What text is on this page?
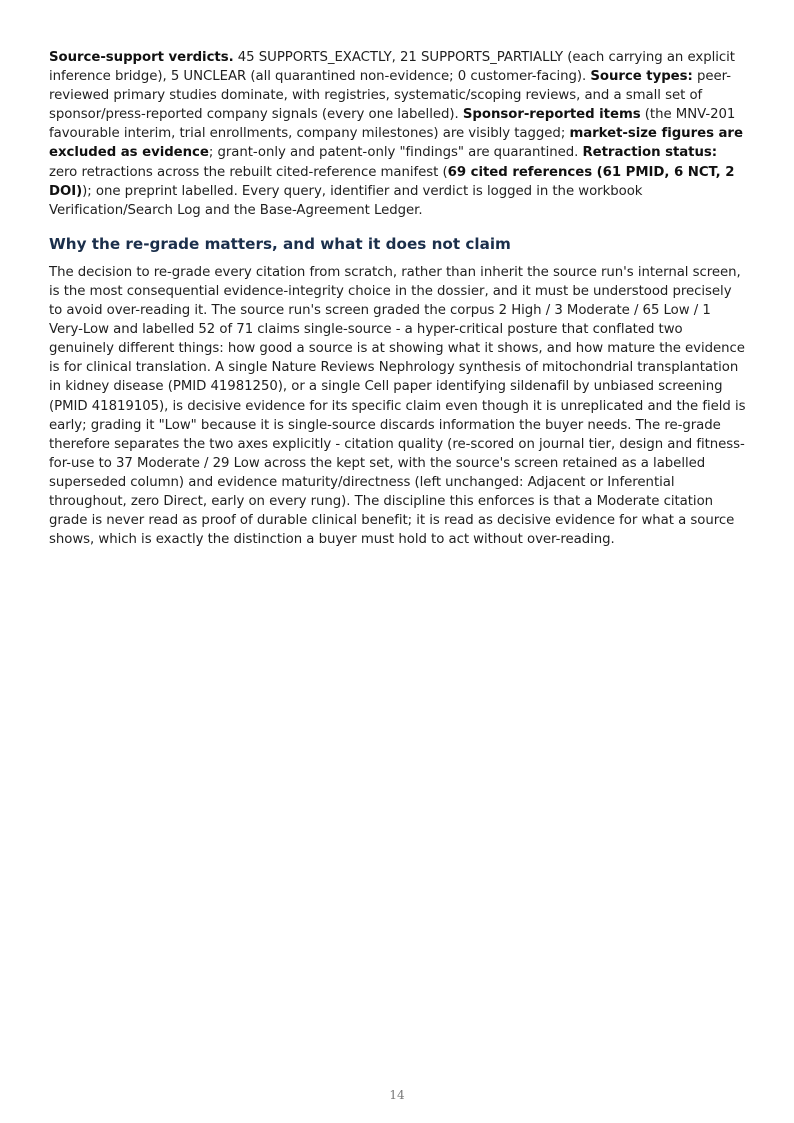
Source-support verdicts. 45 SUPPORTS_EXACTLY, 21 SUPPORTS_PARTIALLY (each carrying an explicit inference bridge), 5 UNCLEAR (all quarantined non-evidence; 0 customer-facing). Source types: peer-reviewed primary studies dominate, with registries, systematic/scoping reviews, and a small set of sponsor/press-reported company signals (every one labelled). Sponsor-reported items (the MNV-201 favourable interim, trial enrollments, company milestones) are visibly tagged; market-size figures are excluded as evidence; grant-only and patent-only "findings" are quarantined. Retraction status: zero retractions across the rebuilt cited-reference manifest (69 cited references (61 PMID, 6 NCT, 2 DOI)); one preprint labelled. Every query, identifier and verdict is logged in the workbook Verification/Search Log and the Base-Agreement Ledger.

Why the re-grade matters, and what it does not claim

The decision to re-grade every citation from scratch, rather than inherit the source run's internal screen, is the most consequential evidence-integrity choice in the dossier, and it must be understood precisely to avoid over-reading it. The source run's screen graded the corpus 2 High / 3 Moderate / 65 Low / 1 Very-Low and labelled 52 of 71 claims single-source - a hyper-critical posture that conflated two genuinely different things: how good a source is at showing what it shows, and how mature the evidence is for clinical translation. A single Nature Reviews Nephrology synthesis of mitochondrial transplantation in kidney disease (PMID 41981250), or a single Cell paper identifying sildenafil by unbiased screening (PMID 41819105), is decisive evidence for its specific claim even though it is unreplicated and the field is early; grading it "Low" because it is single-source discards information the buyer needs. The re-grade therefore separates the two axes explicitly - citation quality (re-scored on journal tier, design and fitness-for-use to 37 Moderate / 29 Low across the kept set, with the source's screen retained as a labelled superseded column) and evidence maturity/directness (left unchanged: Adjacent or Inferential throughout, zero Direct, early on every rung). The discipline this enforces is that a Moderate citation grade is never read as proof of durable clinical benefit; it is read as decisive evidence for what a source shows, which is exactly the distinction a buyer must hold to act without over-reading.

14
